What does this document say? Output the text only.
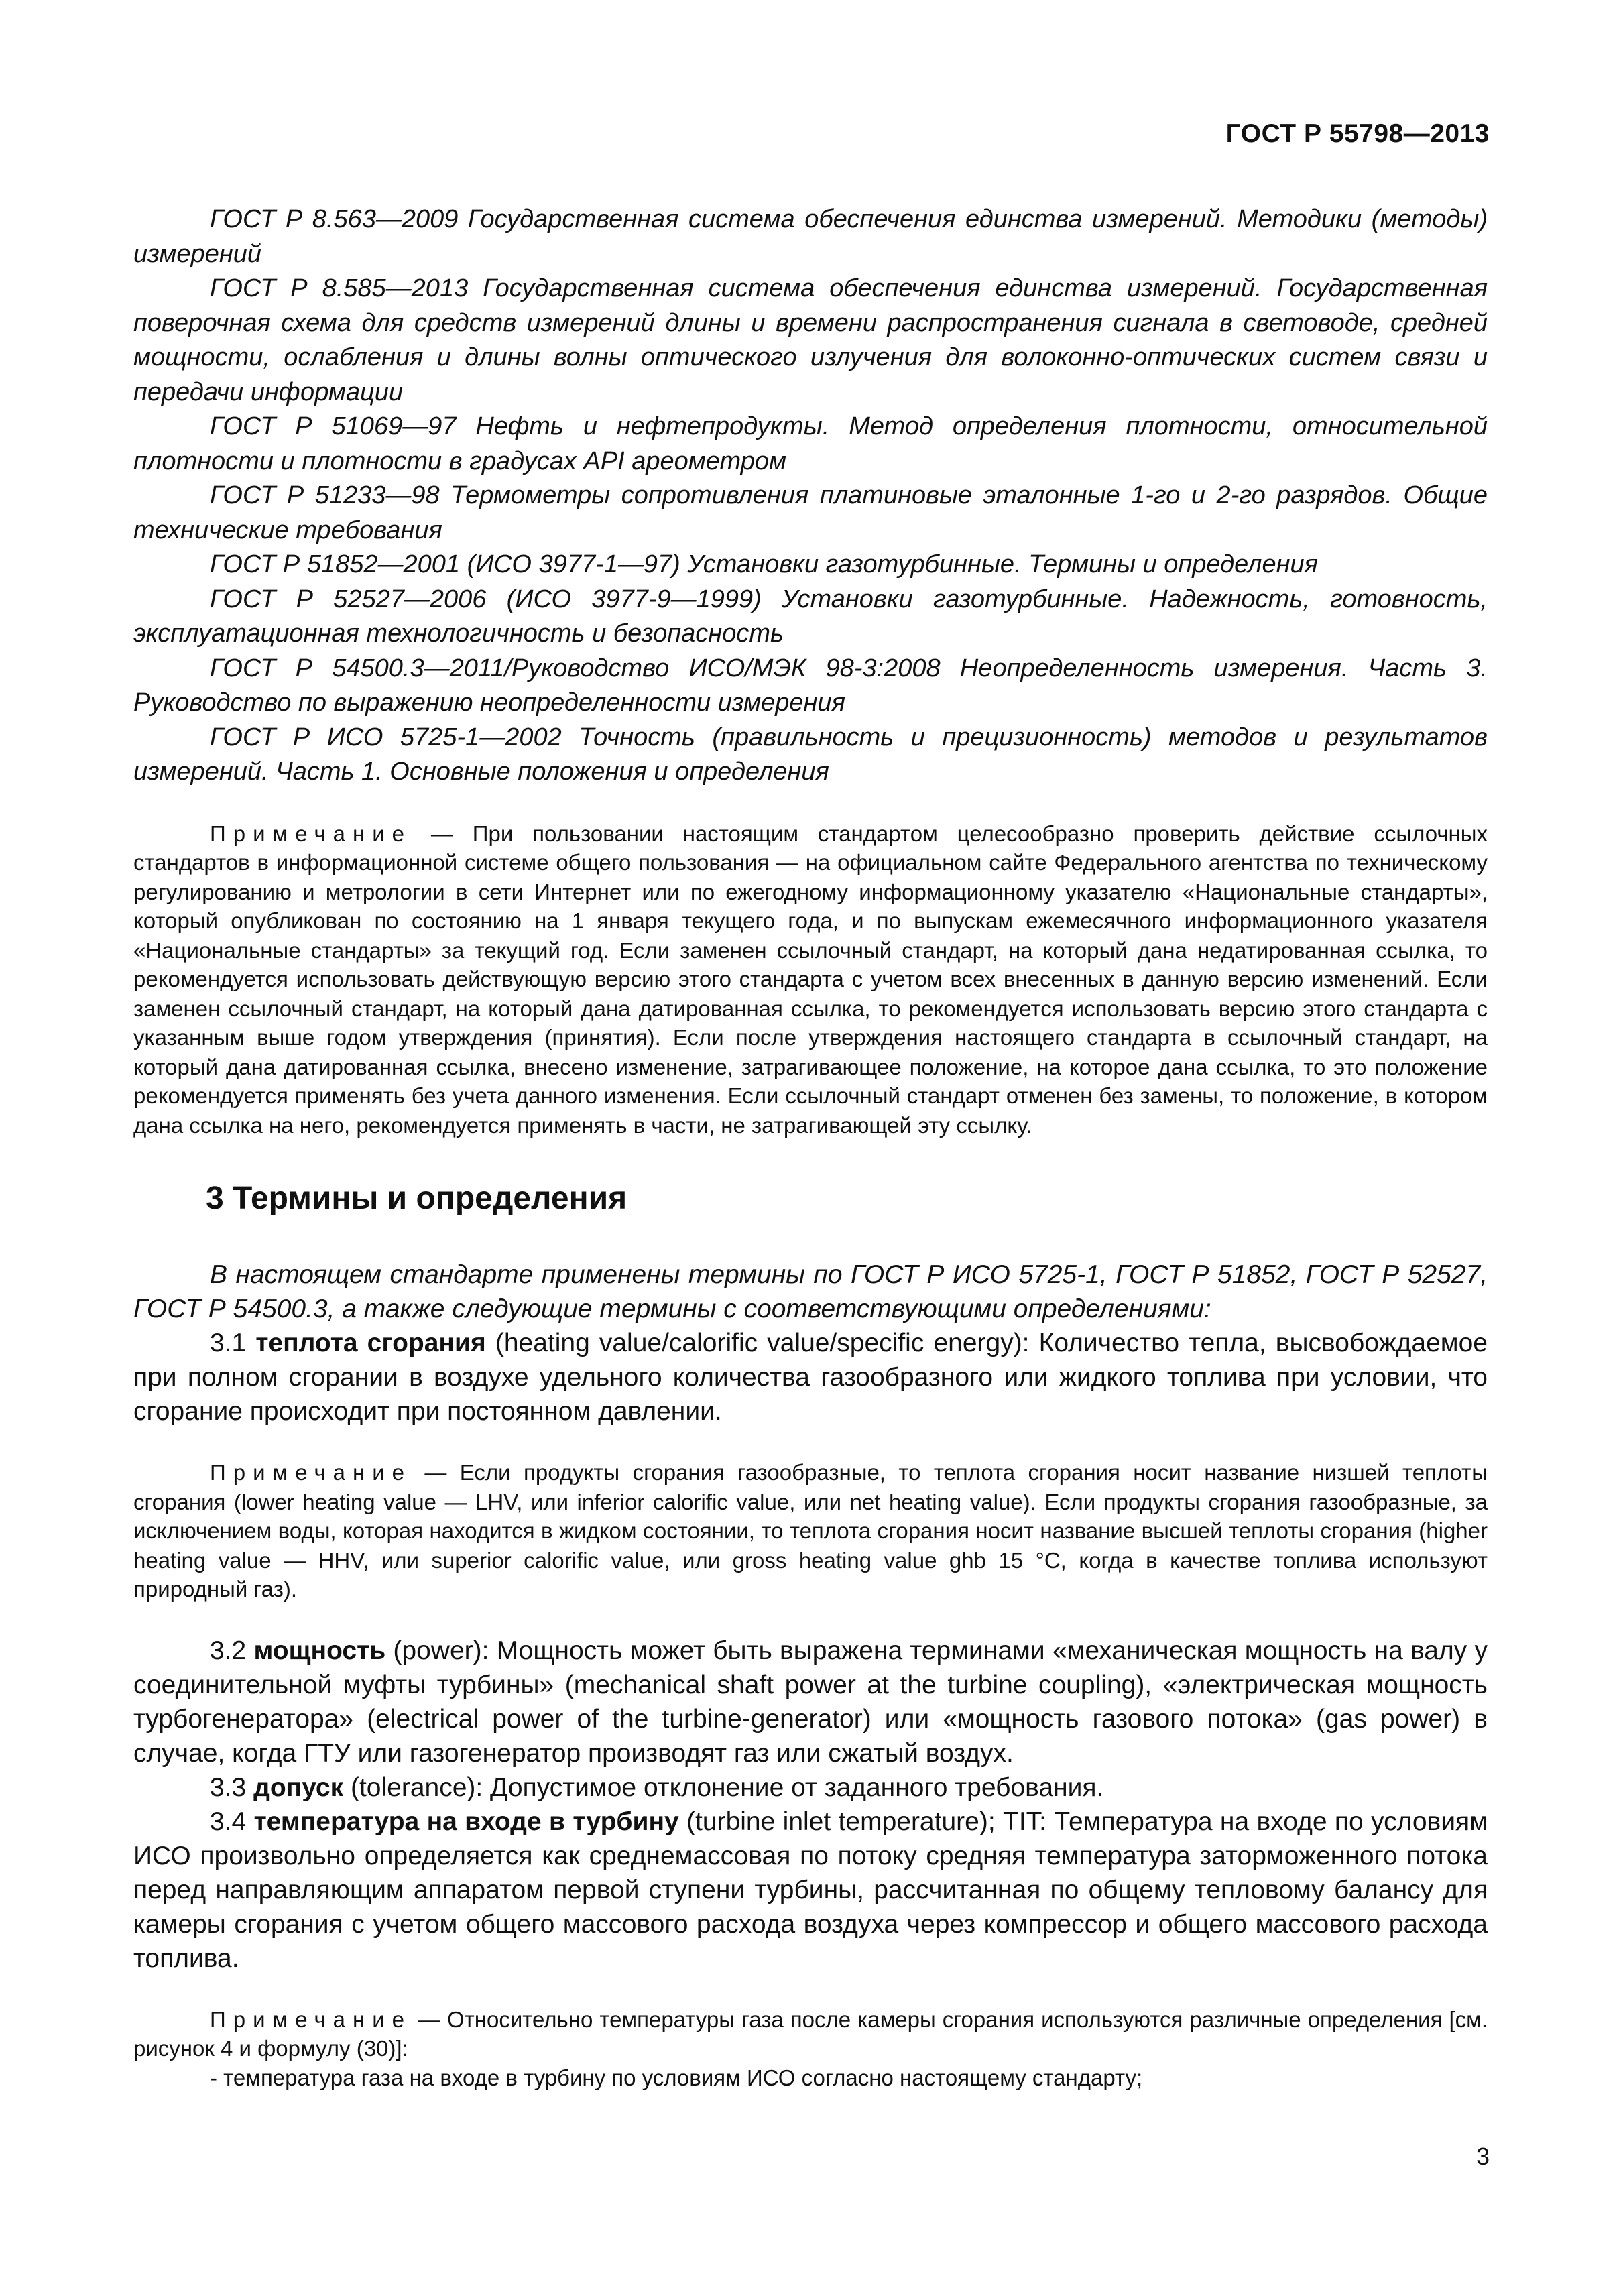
ГОСТ Р 55798—2013

ГОСТ Р 8.563—2009 Государственная система обеспечения единства измерений. Методики (методы) измерений

ГОСТ Р 8.585—2013 Государственная система обеспечения единства измерений. Государственная поверочная схема для средств измерений длины и времени распространения сигнала в световоде, средней мощности, ослабления и длины волны оптического излучения для волоконно-оптических систем связи и передачи информации

ГОСТ Р 51069—97 Нефть и нефтепродукты. Метод определения плотности, относительной плотности и плотности в градусах API ареометром

ГОСТ Р 51233—98 Термометры сопротивления платиновые эталонные 1-го и 2-го разрядов. Общие технические требования

ГОСТ Р 51852—2001 (ИСО 3977-1—97) Установки газотурбинные. Термины и определения

ГОСТ Р 52527—2006 (ИСО 3977-9—1999) Установки газотурбинные. Надежность, готовность, эксплуатационная технологичность и безопасность

ГОСТ Р 54500.3—2011/Руководство ИСО/МЭК 98-3:2008 Неопределенность измерения. Часть 3. Руководство по выражению неопределенности измерения

ГОСТ Р ИСО 5725-1—2002 Точность (правильность и прецизионность) методов и результатов измерений. Часть 1. Основные положения и определения

Примечание — При пользовании настоящим стандартом целесообразно проверить действие ссылочных стандартов в информационной системе общего пользования — на официальном сайте Федерального агентства по техническому регулированию и метрологии в сети Интернет или по ежегодному информационному указателю «Национальные стандарты», который опубликован по состоянию на 1 января текущего года, и по выпускам ежемесячного информационного указателя «Национальные стандарты» за текущий год. Если заменен ссылочный стандарт, на который дана недатированная ссылка, то рекомендуется использовать действующую версию этого стандарта с учетом всех внесенных в данную версию изменений. Если заменен ссылочный стандарт, на который дана датированная ссылка, то рекомендуется использовать версию этого стандарта с указанным выше годом утверждения (принятия). Если после утверждения настоящего стандарта в ссылочный стандарт, на который дана датированная ссылка, внесено изменение, затрагивающее положение, на которое дана ссылка, то это положение рекомендуется применять без учета данного изменения. Если ссылочный стандарт отменен без замены, то положение, в котором дана ссылка на него, рекомендуется применять в части, не затрагивающей эту ссылку.

3 Термины и определения

В настоящем стандарте применены термины по ГОСТ Р ИСО 5725-1, ГОСТ Р 51852, ГОСТ Р 52527, ГОСТ Р 54500.3, а также следующие термины с соответствующими определениями:

3.1 теплота сгорания (heating value/calorific value/specific energy): Количество тепла, высвобождаемое при полном сгорании в воздухе удельного количества газообразного или жидкого топлива при условии, что сгорание происходит при постоянном давлении.

Примечание — Если продукты сгорания газообразные, то теплота сгорания носит название низшей теплоты сгорания (lower heating value — LHV, или inferior calorific value, или net heating value). Если продукты сгорания газообразные, за исключением воды, которая находится в жидком состоянии, то теплота сгорания носит название высшей теплоты сгорания (higher heating value — HHV, или superior calorific value, или gross heating value ghb 15 °C, когда в качестве топлива используют природный газ).

3.2 мощность (power): Мощность может быть выражена терминами «механическая мощность на валу у соединительной муфты турбины» (mechanical shaft power at the turbine coupling), «электрическая мощность турбогенератора» (electrical power of the turbine-generator) или «мощность газового потока» (gas power) в случае, когда ГТУ или газогенератор производят газ или сжатый воздух.

3.3 допуск (tolerance): Допустимое отклонение от заданного требования.

3.4 температура на входе в турбину (turbine inlet temperature); TIT: Температура на входе по условиям ИСО произвольно определяется как среднемассовая по потоку средняя температура заторможенного потока перед направляющим аппаратом первой ступени турбины, рассчитанная по общему тепловому балансу для камеры сгорания с учетом общего массового расхода воздуха через компрессор и общего массового расхода топлива.

Примечание — Относительно температуры газа после камеры сгорания используются различные определения [см. рисунок 4 и формулу (30)]:

- температура газа на входе в турбину по условиям ИСО согласно настоящему стандарту;

3
